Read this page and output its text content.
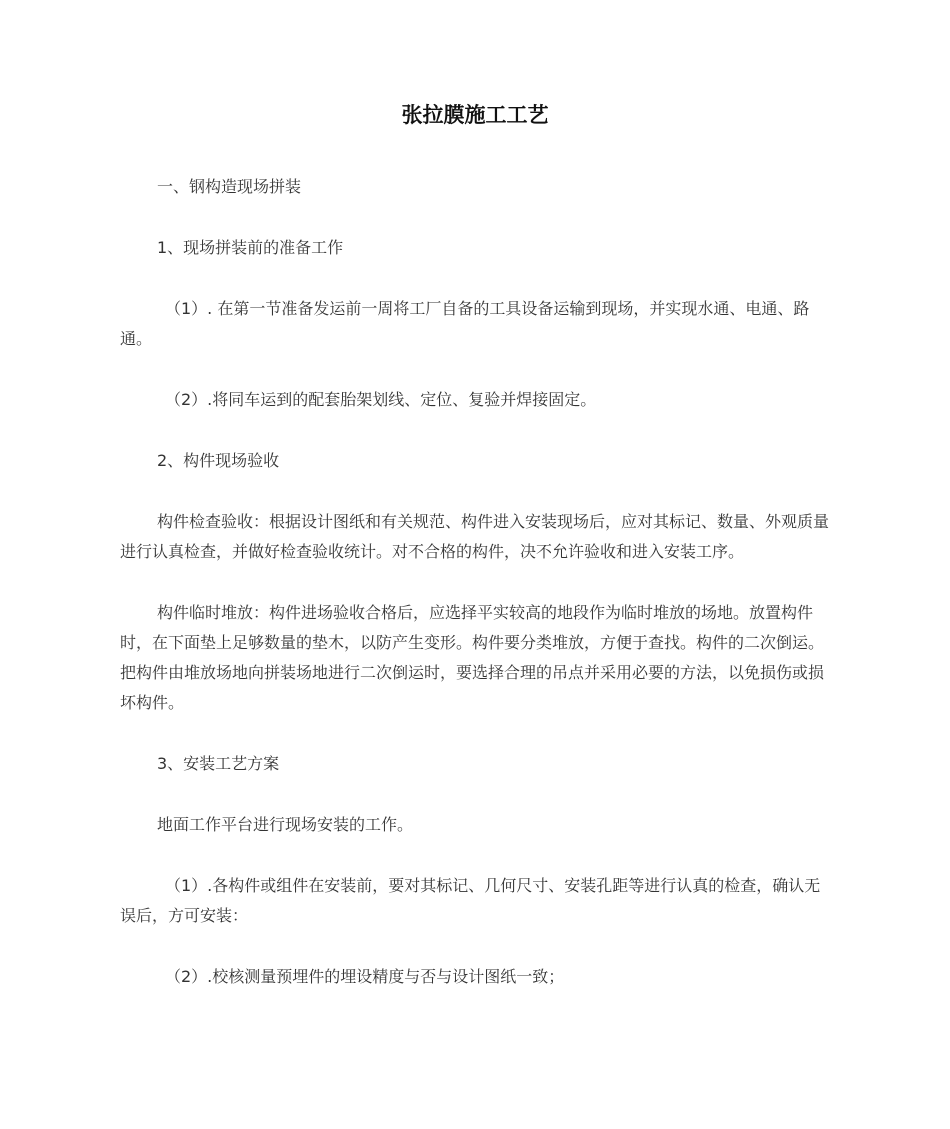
张拉膜施工工艺

一、钢构造现场拼装

1、现场拼装前的准备工作

（1）. 在第一节准备发运前一周将工厂自备的工具设备运输到现场，并实现水通、电通、路通。

（2）.将同车运到的配套胎架划线、定位、复验并焊接固定。

2、构件现场验收

构件检查验收：根据设计图纸和有关规范、构件进入安装现场后，应对其标记、数量、外观质量进行认真检查，并做好检查验收统计。对不合格的构件，决不允许验收和进入安装工序。

构件临时堆放：构件进场验收合格后，应选择平实较高的地段作为临时堆放的场地。放置构件时，在下面垫上足够数量的垫木，以防产生变形。构件要分类堆放，方便于查找。构件的二次倒运。把构件由堆放场地向拼装场地进行二次倒运时，要选择合理的吊点并采用必要的方法，以免损伤或损坏构件。

3、安装工艺方案

地面工作平台进行现场安装的工作。

（1）.各构件或组件在安装前，要对其标记、几何尺寸、安装孔距等进行认真的检查，确认无误后，方可安装：

（2）.校核测量预埋件的埋设精度与否与设计图纸一致；
